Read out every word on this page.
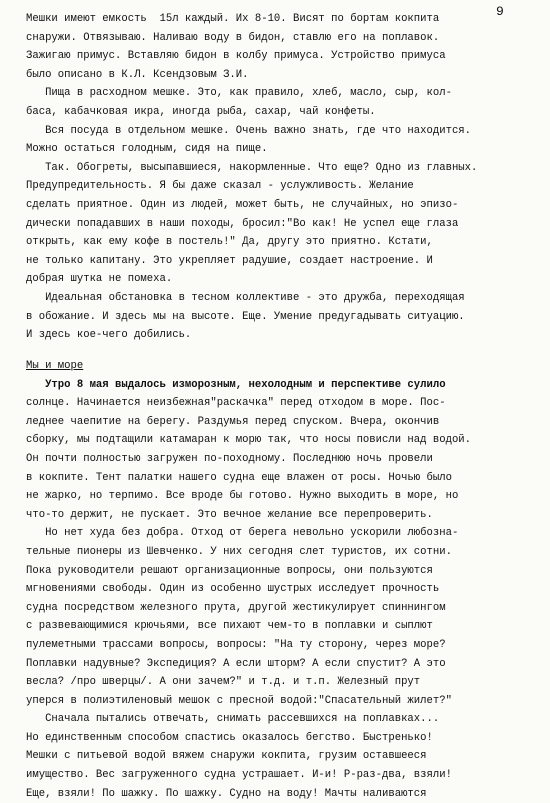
9
Мешки имеют емкость  15л каждый. Их 8-10. Висят по бортам кокпита
снаружи. Отвязываю. Наливаю воду в бидон, ставлю его на поплавок.
Зажигаю примус. Вставляю бидон в колбу примуса. Устройство примуса
было описано в К.Л. Ксендзовым З.И.
Пища в расходном мешке. Это, как правило, хлеб, масло, сыр, кол-
баса, кабачковая икра, иногда рыба, сахар, чай конфеты.
Вся посуда в отдельном мешке. Очень важно знать, где что находится.
Можно остаться голодным, сидя на пище.
Так. Обогреты, высыпавшиеся, накормленные. Что еще? Одно из главных.
Предупредительность. Я бы даже сказал - услужливость. Желание
сделать приятное. Один из людей, может быть, не случайных, но эпизо-
дически попадавших в наши походы, бросил:"Во как! Не успел еще глаза
открыть, как ему кофе в постель!" Да, другу это приятно. Кстати,
не только капитану. Это укрепляет радушие, создает настроение. И
добрая шутка не помеха.
Идеальная обстановка в тесном коллективе - это дружба, переходящая
в обожание. И здесь мы на высоте. Еще. Умение предугадывать ситуацию.
И здесь кое-чего добились.
Мы и море
Утро 8 мая выдалось изморозным, нехолодным и перспективе сулило
солнце. Начинается неизбежная"раскачка" перед отходом в море. Пос-
леднее чаепитие на берегу. Раздумья перед спуском. Вчера, окончив
сборку, мы подтащили катамаран к морю так, что носы повисли над водой.
Он почти полностью загружен по-походному. Последнюю ночь провели
в кокпите. Тент палатки нашего судна еще влажен от росы. Ночью было
не жарко, но терпимо. Все вроде бы готово. Нужно выходить в море, но
что-то держит, не пускает. Это вечное желание все перепроверить.
Но нет худа без добра. Отход от берега невольно ускорили любозна-
тельные пионеры из Шевченко. У них сегодня слет туристов, их сотни.
Пока руководители решают организационные вопросы, они пользуются
мгновениями свободы. Один из особенно шустрых исследует прочность
судна посредством железного прута, другой жестикулирует спиннингом
с развевающимися крючьями, все пихают чем-то в поплавки и сыплют
пулеметными трассами вопросы, вопросы: "На ту сторону, через море?
Поплавки надувные? Экспедиция? А если шторм? А если спустит? А это
весла? /про шверцы/. А они зачем?" и т.д. и т.п. Железный прут
уперся в полиэтиленовый мешок с пресной водой:"Спасательный жилет?"
Сначала пытались отвечать, снимать рассевшихся на поплавках...
Но единственным способом спастись оказалось бегство. Быстренько!
Мешки с питьевой водой вяжем снаружи кокпита, грузим оставшееся
имущество. Вес загруженного судна устрашает. И-и! Р-раз-два, взяли!
Еще, взяли! По шажку. По шажку. Судно на воду! Мачты наливаются
